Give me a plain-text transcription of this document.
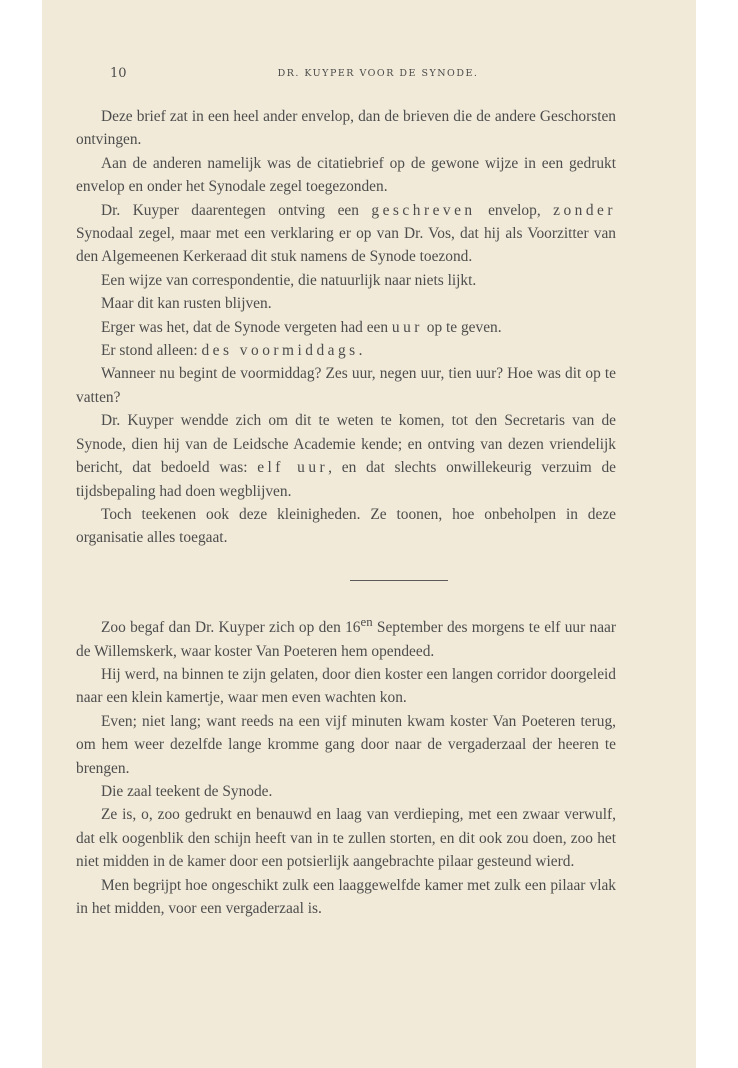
10	DR. KUYPER VOOR DE SYNODE.

Deze brief zat in een heel ander envelop, dan de brieven die de andere Geschorsten ontvingen.

Aan de anderen namelijk was de citatiebrief op de gewone wijze in een gedrukt envelop en onder het Synodale zegel toegezonden.

Dr. Kuyper daarentegen ontving een geschreven envelop, zonder Synodaal zegel, maar met een verklaring er op van Dr. Vos, dat hij als Voorzitter van den Algemeenen Kerkeraad dit stuk namens de Synode toezond.

Een wijze van correspondentie, die natuurlijk naar niets lijkt.

Maar dit kan rusten blijven.

Erger was het, dat de Synode vergeten had een uur op te geven.

Er stond alleen: des voormiddags.

Wanneer nu begint de voormiddag? Zes uur, negen uur, tien uur? Hoe was dit op te vatten?

Dr. Kuyper wendde zich om dit te weten te komen, tot den Secretaris van de Synode, dien hij van de Leidsche Academie kende; en ontving van dezen vriendelijk bericht, dat bedoeld was: elf uur, en dat slechts onwillekeurig verzuim de tijdsbepaling had doen wegblijven.

Toch teekenen ook deze kleinigheden. Ze toonen, hoe onbeholpen in deze organisatie alles toegaat.

Zoo begaf dan Dr. Kuyper zich op den $16^{en}$ September des morgens te elf uur naar de Willemskerk, waar koster Van Poeteren hem opendeed.

Hij werd, na binnen te zijn gelaten, door dien koster een langen corridor doorgeleid naar een klein kamertje, waar men even wachten kon.

Even; niet lang; want reeds na een vijf minuten kwam koster Van Poeteren terug, om hem weer dezelfde lange kromme gang door naar de vergaderzaal der heeren te brengen.

Die zaal teekent de Synode.

Ze is, o, zoo gedrukt en benauwd en laag van verdieping, met een zwaar verwulf, dat elk oogenblik den schijn heeft van in te zullen storten, en dit ook zou doen, zoo het niet midden in de kamer door een potsierlijk aangebrachte pilaar gesteund wierd.

Men begrijpt hoe ongeschikt zulk een laaggewelfde kamer met zulk een pilaar vlak in het midden, voor een vergaderzaal is.
